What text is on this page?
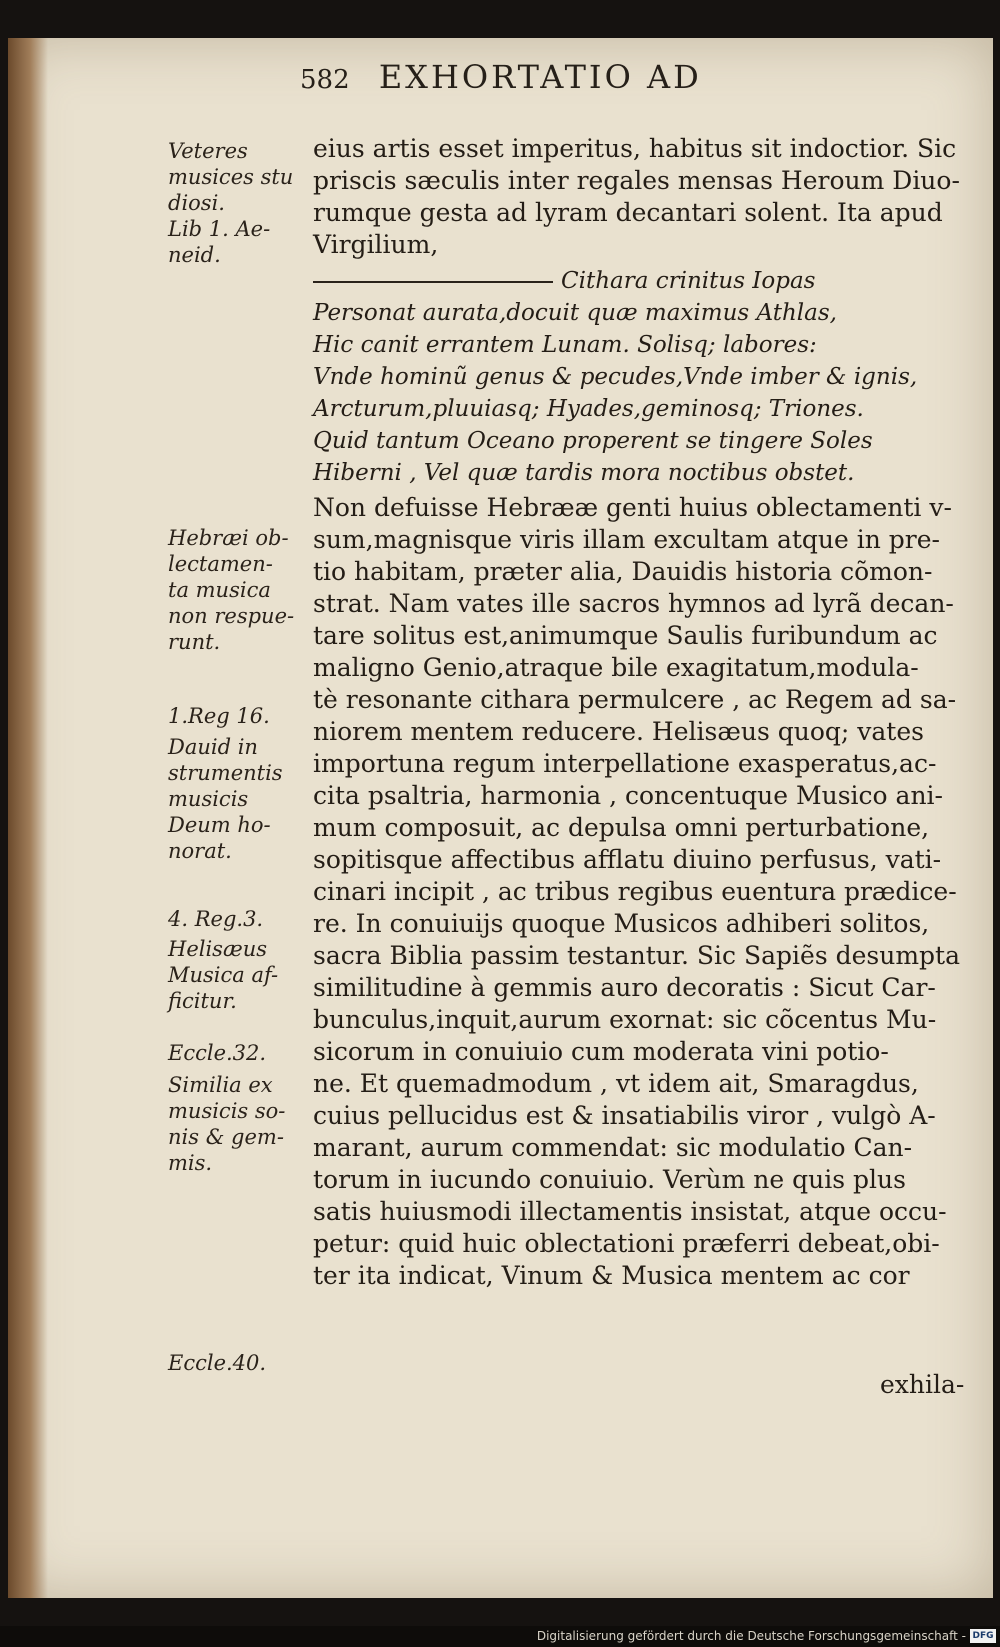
582 EXHORTATIO AD
eius artis esset imperitus, habitus sit indoctior. Sic
priscis sæculis inter regales mensas Heroum Diuo-
rumque gesta ad lyram decantari solent. Ita apud
Virgilium,
Cithara crinitus Iopas
Personat aurata,docuit quæ maximus Athlas,
Hic canit errantem Lunam. Solisq; labores:
Vnde hominũ genus & pecudes,Vnde imber & ignis,
Arcturum,pluuiasq; Hyades,geminosq; Triones.
Quid tantum Oceano properent se tingere Soles
Hiberni , Vel quæ tardis mora noctibus obstet.
Non defuisse Hebrææ genti huius oblectamenti v-
sum,magnisque viris illam excultam atque in pre-
tio habitam, præter alia, Dauidis historia cõmon-
strat. Nam vates ille sacros hymnos ad lyrã decan-
tare solitus est,animumque Saulis furibundum ac
maligno Genio,atraque bile exagitatum,modula-
tè resonante cithara permulcere , ac Regem ad sa-
niorem mentem reducere. Helisæus quoq; vates
importuna regum interpellatione exasperatus,ac-
cita psaltria, harmonia , concentuque Musico ani-
mum composuit, ac depulsa omni perturbatione,
sopitisque affectibus afflatu diuino perfusus, vati-
cinari incipit , ac tribus regibus euentura prædice-
re. In conuiuijs quoque Musicos adhiberi solitos,
sacra Biblia passim testantur. Sic Sapiẽs desumpta
similitudine à gemmis auro decoratis : Sicut Car-
bunculus,inquit,aurum exornat: sic cõcentus Mu-
sicorum in conuiuio cum moderata vini potio-
ne. Et quemadmodum , vt idem ait, Smaragdus,
cuius pellucidus est & insatiabilis viror , vulgò A-
marant, aurum commendat: sic modulatio Can-
torum in iucundo conuiuio. Verùm ne quis plus
satis huiusmodi illectamentis insistat, atque occu-
petur: quid huic oblectationi præferri debeat,obi-
ter ita indicat, Vinum & Musica mentem ac cor
exhila-
Veteres
musices stu
diosi.
Lib 1. Ae-
neid.
Hebræi ob-
lectamen-
ta musica
non respue-
runt.
1.Reg 16.
Dauid in
strumentis
musicis
Deum ho-
norat.
4. Reg.3.
Helisæus
Musica af-
ficitur.
Eccle.32.
Similia ex
musicis so-
nis & gem-
mis.
Eccle.40.
Digitalisierung gefördert durch die Deutsche Forschungsgemeinschaft - DFG
